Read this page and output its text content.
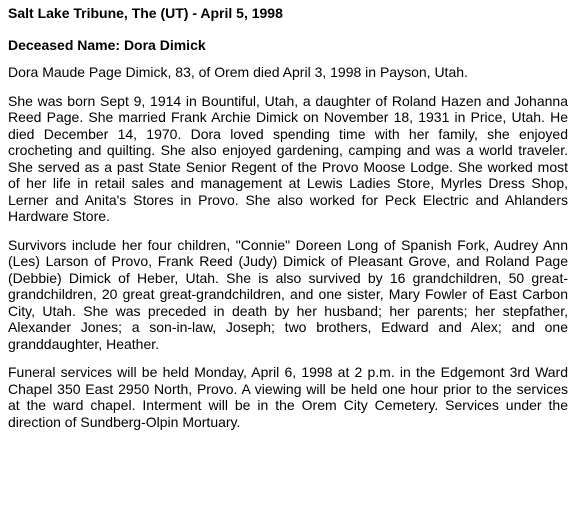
Salt Lake Tribune, The (UT) - April 5, 1998

Deceased Name: Dora Dimick

Dora Maude Page Dimick, 83, of Orem died April 3, 1998 in Payson, Utah.

She was born Sept 9, 1914 in Bountiful, Utah, a daughter of Roland Hazen and Johanna Reed Page. She married Frank Archie Dimick on November 18, 1931 in Price, Utah. He died December 14, 1970. Dora loved spending time with her family, she enjoyed crocheting and quilting. She also enjoyed gardening, camping and was a world traveler. She served as a past State Senior Regent of the Provo Moose Lodge. She worked most of her life in retail sales and management at Lewis Ladies Store, Myrles Dress Shop, Lerner and Anita's Stores in Provo. She also worked for Peck Electric and Ahlanders Hardware Store.

Survivors include her four children, "Connie" Doreen Long of Spanish Fork, Audrey Ann (Les) Larson of Provo, Frank Reed (Judy) Dimick of Pleasant Grove, and Roland Page (Debbie) Dimick of Heber, Utah. She is also survived by 16 grandchildren, 50 great-grandchildren, 20 great great-grandchildren, and one sister, Mary Fowler of East Carbon City, Utah. She was preceded in death by her husband; her parents; her stepfather, Alexander Jones; a son-in-law, Joseph; two brothers, Edward and Alex; and one granddaughter, Heather.

Funeral services will be held Monday, April 6, 1998 at 2 p.m. in the Edgemont 3rd Ward Chapel 350 East 2950 North, Provo. A viewing will be held one hour prior to the services at the ward chapel. Interment will be in the Orem City Cemetery. Services under the direction of Sundberg-Olpin Mortuary.
